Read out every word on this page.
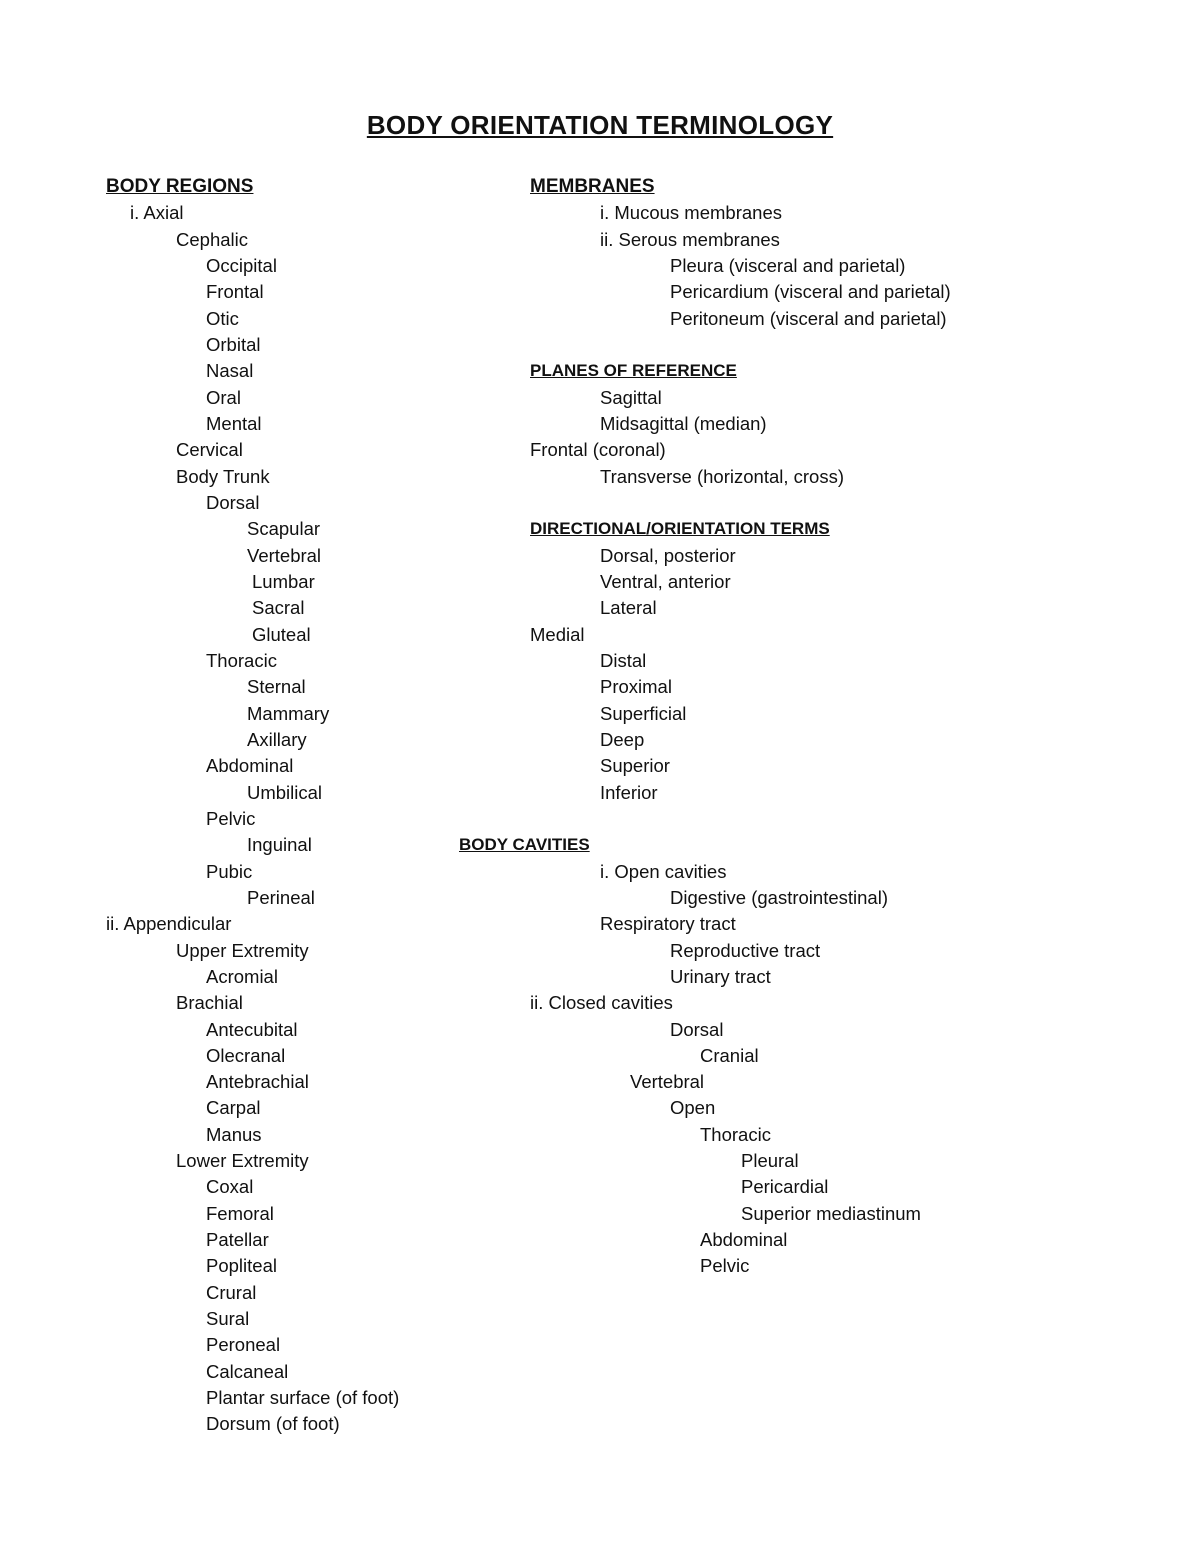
BODY ORIENTATION TERMINOLOGY
BODY REGIONS
i. Axial
Cephalic
Occipital
Frontal
Otic
Orbital
Nasal
Oral
Mental
Cervical
Body Trunk
Dorsal
Scapular
Vertebral
Lumbar
Sacral
Gluteal
Thoracic
Sternal
Mammary
Axillary
Abdominal
Umbilical
Pelvic
Inguinal
Pubic
Perineal
ii. Appendicular
Upper Extremity
Acromial
Brachial
Antecubital
Olecranal
Antebrachial
Carpal
Manus
Lower Extremity
Coxal
Femoral
Patellar
Popliteal
Crural
Sural
Peroneal
Calcaneal
Plantar surface (of foot)
Dorsum (of foot)
MEMBRANES
i. Mucous membranes
ii. Serous membranes
Pleura (visceral and parietal)
Pericardium (visceral and parietal)
Peritoneum (visceral and parietal)
PLANES OF REFERENCE
Sagittal
Midsagittal (median)
Frontal (coronal)
Transverse (horizontal, cross)
DIRECTIONAL/ORIENTATION TERMS
Dorsal, posterior
Ventral, anterior
Lateral
Medial
Distal
Proximal
Superficial
Deep
Superior
Inferior
BODY CAVITIES
i. Open cavities
Digestive (gastrointestinal)
Respiratory tract
Reproductive tract
Urinary tract
ii. Closed cavities
Dorsal
Cranial
Vertebral
Open
Thoracic
Pleural
Pericardial
Superior mediastinum
Abdominal
Pelvic
